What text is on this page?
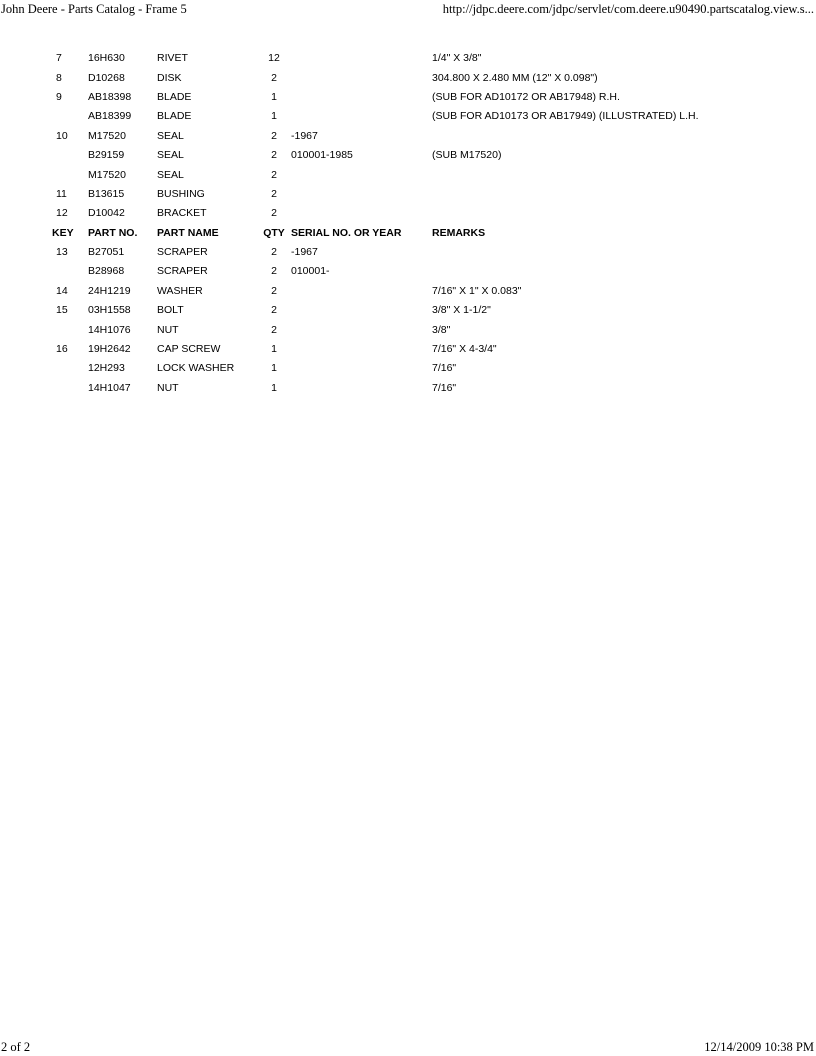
John Deere - Parts Catalog - Frame 5	http://jdpc.deere.com/jdpc/servlet/com.deere.u90490.partscatalog.view.s...
7	16H630	RIVET	12		1/4" X 3/8"
8	D10268	DISK	2		304.800 X 2.480 MM (12" X 0.098")
9	AB18398	BLADE	1		(SUB FOR AD10172 OR AB17948) R.H.
	AB18399	BLADE	1		(SUB FOR AD10173 OR AB17949) (ILLUSTRATED) L.H.
10	M17520	SEAL	2	-1967	
	B29159	SEAL	2	010001-1985	(SUB M17520)
	M17520	SEAL	2		
11	B13615	BUSHING	2		
12	D10042	BRACKET	2		
KEY	PART NO.	PART NAME	QTY	SERIAL NO. OR YEAR	REMARKS
13	B27051	SCRAPER	2	-1967	
	B28968	SCRAPER	2	010001-	
14	24H1219	WASHER	2		7/16" X 1" X 0.083"
15	03H1558	BOLT	2		3/8" X 1-1/2"
	14H1076	NUT	2		3/8"
16	19H2642	CAP SCREW	1		7/16" X 4-3/4"
	12H293	LOCK WASHER	1		7/16"
	14H1047	NUT	1		7/16"
2 of 2	12/14/2009 10:38 PM
